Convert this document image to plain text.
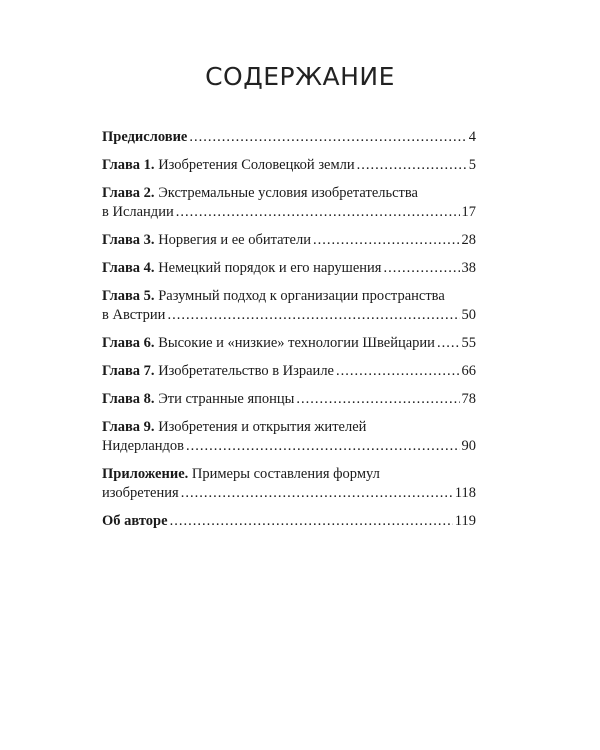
СОДЕРЖАНИЕ
Предисловие .....	4
Глава 1. Изобретения Соловецкой земли .....	5
Глава 2. Экстремальные условия изобретательства
в Исландии .....	17
Глава 3. Норвегия и ее обитатели .....	28
Глава 4. Немецкий порядок и его нарушения .....	38
Глава 5. Разумный подход к организации пространства
в Австрии .....	50
Глава 6. Высокие и «низкие» технологии Швейцарии ..... 55
Глава 7. Изобретательство в Израиле .....	66
Глава 8. Эти странные японцы .....	78
Глава 9. Изобретения и открытия жителей
Нидерландов .....	90
Приложение. Примеры составления формул
изобретения .....	118
Об авторе .....	119
